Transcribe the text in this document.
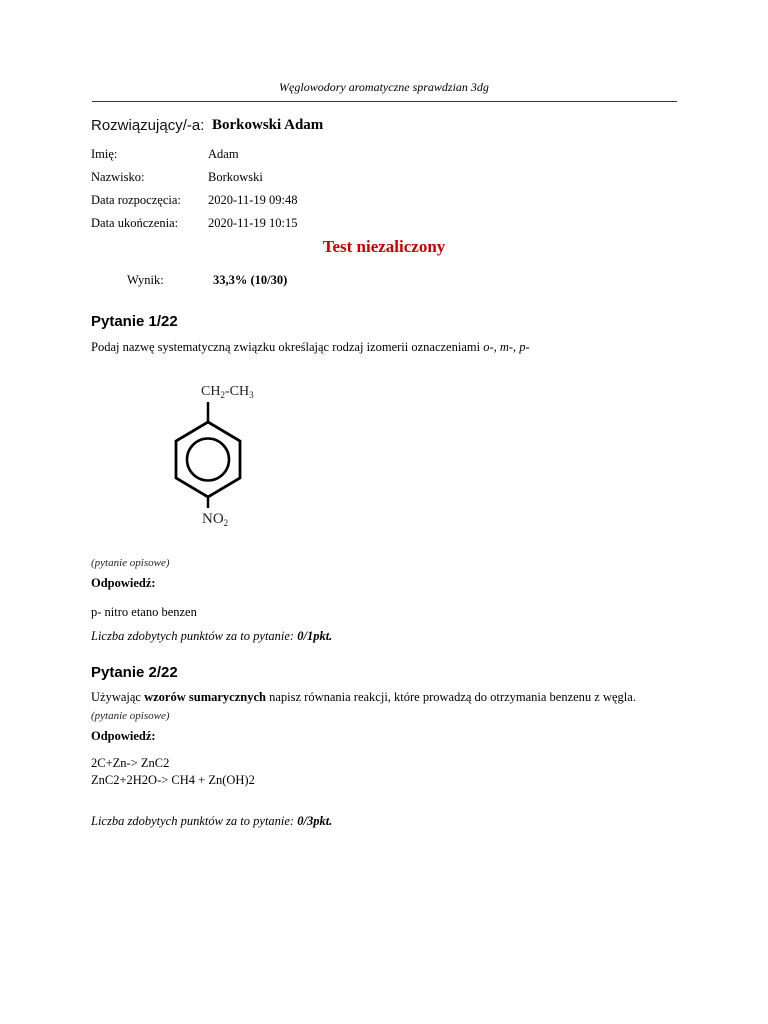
Węglowodory aromatyczne sprawdzian 3dg
Rozwiązujący/-a: Borkowski Adam
Imię:	Adam
Nazwisko:	Borkowski
Data rozpoczęcia: 2020-11-19 09:48
Data ukończenia: 2020-11-19 10:15
Test niezaliczony
Wynik:	33,3% (10/30)
Pytanie 1/22
Podaj nazwę systematyczną związku określając rodzaj izomerii oznaczeniami o-, m-, p-
$CH_2-CH_3$
$NO_2$
(pytanie opisowe)
Odpowiedź:
p- nitro etano benzen
Liczba zdobytych punktów za to pytanie: 0/1pkt.
Pytanie 2/22
Używając wzorów sumarycznych napisz równania reakcji, które prowadzą do otrzymania benzenu z węgla.
(pytanie opisowe)
Odpowiedź:
2C+Zn-> ZnC2
ZnC2+2H2O-> CH4 + Zn(OH)2
Liczba zdobytych punktów za to pytanie: 0/3pkt.
